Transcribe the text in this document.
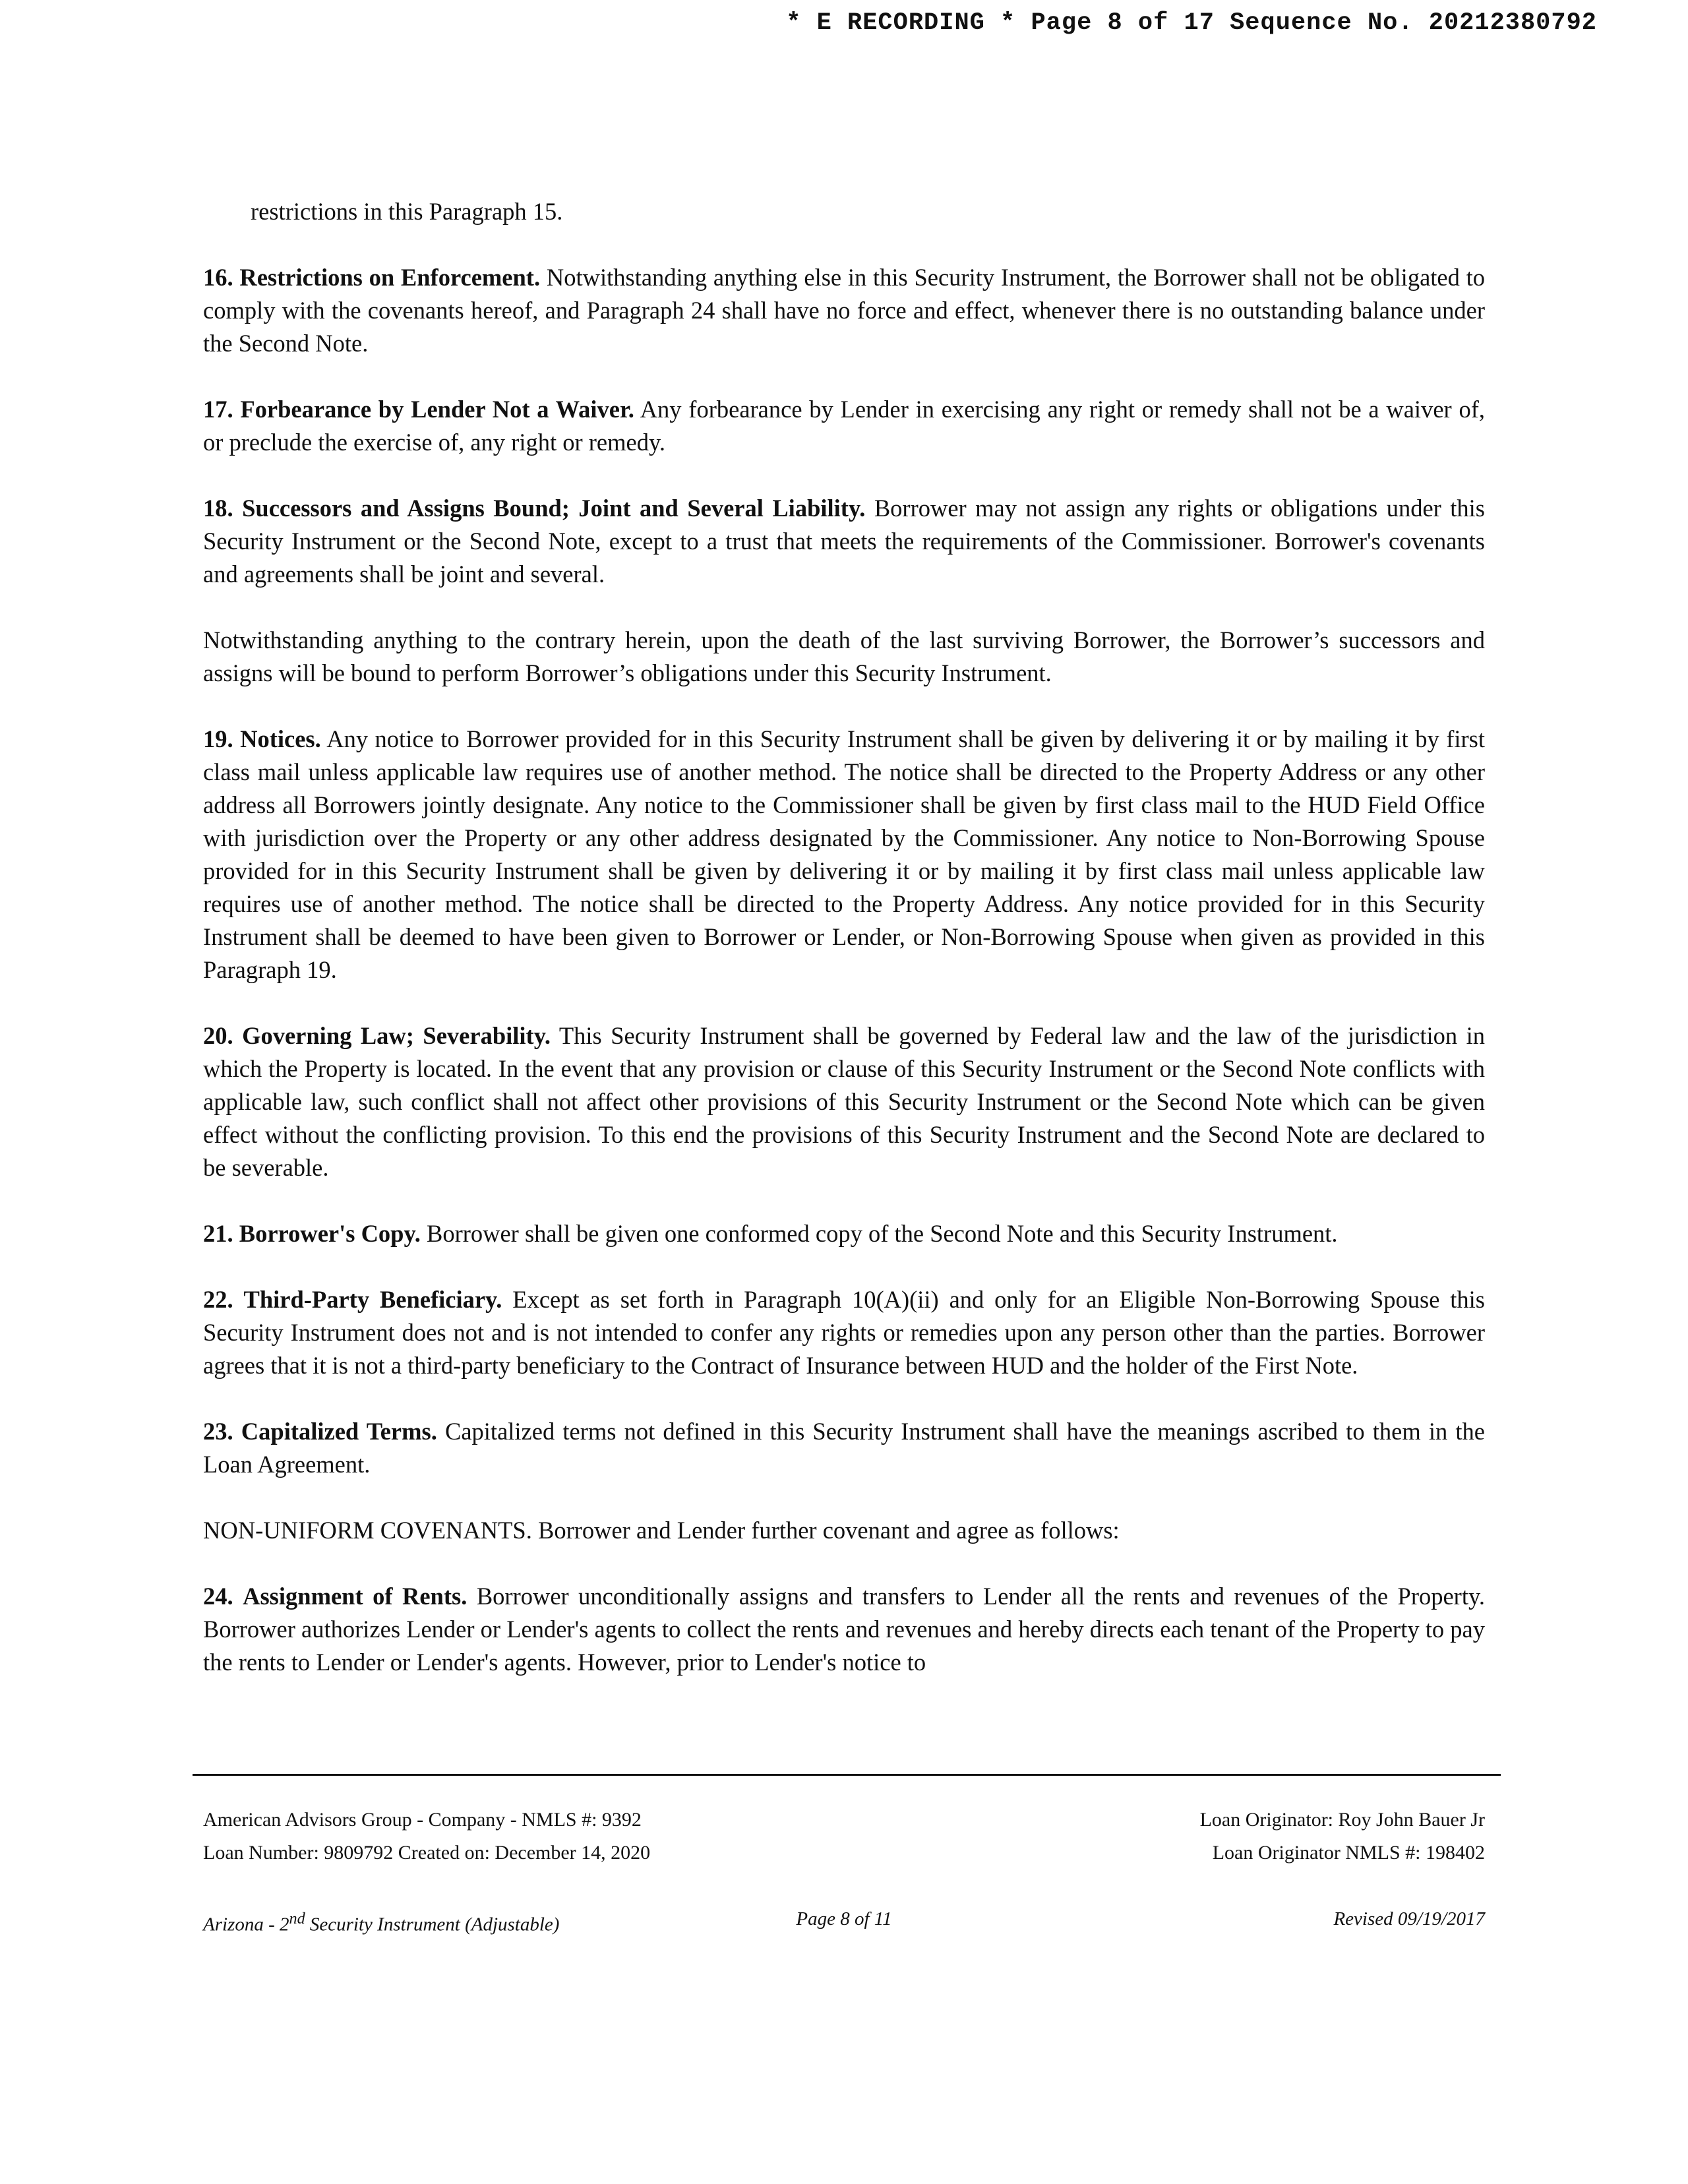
* E RECORDING * Page 8 of 17 Sequence No. 20212380792

restrictions in this Paragraph 15.

16. Restrictions on Enforcement. Notwithstanding anything else in this Security Instrument, the Borrower shall not be obligated to comply with the covenants hereof, and Paragraph 24 shall have no force and effect, whenever there is no outstanding balance under the Second Note.

17. Forbearance by Lender Not a Waiver. Any forbearance by Lender in exercising any right or remedy shall not be a waiver of, or preclude the exercise of, any right or remedy.

18. Successors and Assigns Bound; Joint and Several Liability. Borrower may not assign any rights or obligations under this Security Instrument or the Second Note, except to a trust that meets the requirements of the Commissioner. Borrower's covenants and agreements shall be joint and several.

Notwithstanding anything to the contrary herein, upon the death of the last surviving Borrower, the Borrower’s successors and assigns will be bound to perform Borrower’s obligations under this Security Instrument.

19. Notices. Any notice to Borrower provided for in this Security Instrument shall be given by delivering it or by mailing it by first class mail unless applicable law requires use of another method. The notice shall be directed to the Property Address or any other address all Borrowers jointly designate. Any notice to the Commissioner shall be given by first class mail to the HUD Field Office with jurisdiction over the Property or any other address designated by the Commissioner. Any notice to Non-Borrowing Spouse provided for in this Security Instrument shall be given by delivering it or by mailing it by first class mail unless applicable law requires use of another method. The notice shall be directed to the Property Address. Any notice provided for in this Security Instrument shall be deemed to have been given to Borrower or Lender, or Non-Borrowing Spouse when given as provided in this Paragraph 19.

20. Governing Law; Severability. This Security Instrument shall be governed by Federal law and the law of the jurisdiction in which the Property is located. In the event that any provision or clause of this Security Instrument or the Second Note conflicts with applicable law, such conflict shall not affect other provisions of this Security Instrument or the Second Note which can be given effect without the conflicting provision. To this end the provisions of this Security Instrument and the Second Note are declared to be severable.

21. Borrower's Copy. Borrower shall be given one conformed copy of the Second Note and this Security Instrument.

22. Third-Party Beneficiary. Except as set forth in Paragraph 10(A)(ii) and only for an Eligible Non-Borrowing Spouse this Security Instrument does not and is not intended to confer any rights or remedies upon any person other than the parties. Borrower agrees that it is not a third-party beneficiary to the Contract of Insurance between HUD and the holder of the First Note.

23. Capitalized Terms. Capitalized terms not defined in this Security Instrument shall have the meanings ascribed to them in the Loan Agreement.

NON-UNIFORM COVENANTS. Borrower and Lender further covenant and agree as follows:

24. Assignment of Rents. Borrower unconditionally assigns and transfers to Lender all the rents and revenues of the Property. Borrower authorizes Lender or Lender's agents to collect the rents and revenues and hereby directs each tenant of the Property to pay the rents to Lender or Lender's agents. However, prior to Lender's notice to

American Advisors Group - Company - NMLS #: 9392	Loan Originator: Roy John Bauer Jr
Loan Number: 9809792 Created on: December 14, 2020	Loan Originator NMLS #: 198402
Arizona - 2nd Security Instrument (Adjustable)	Revised 09/19/2017
Page 8 of 11
